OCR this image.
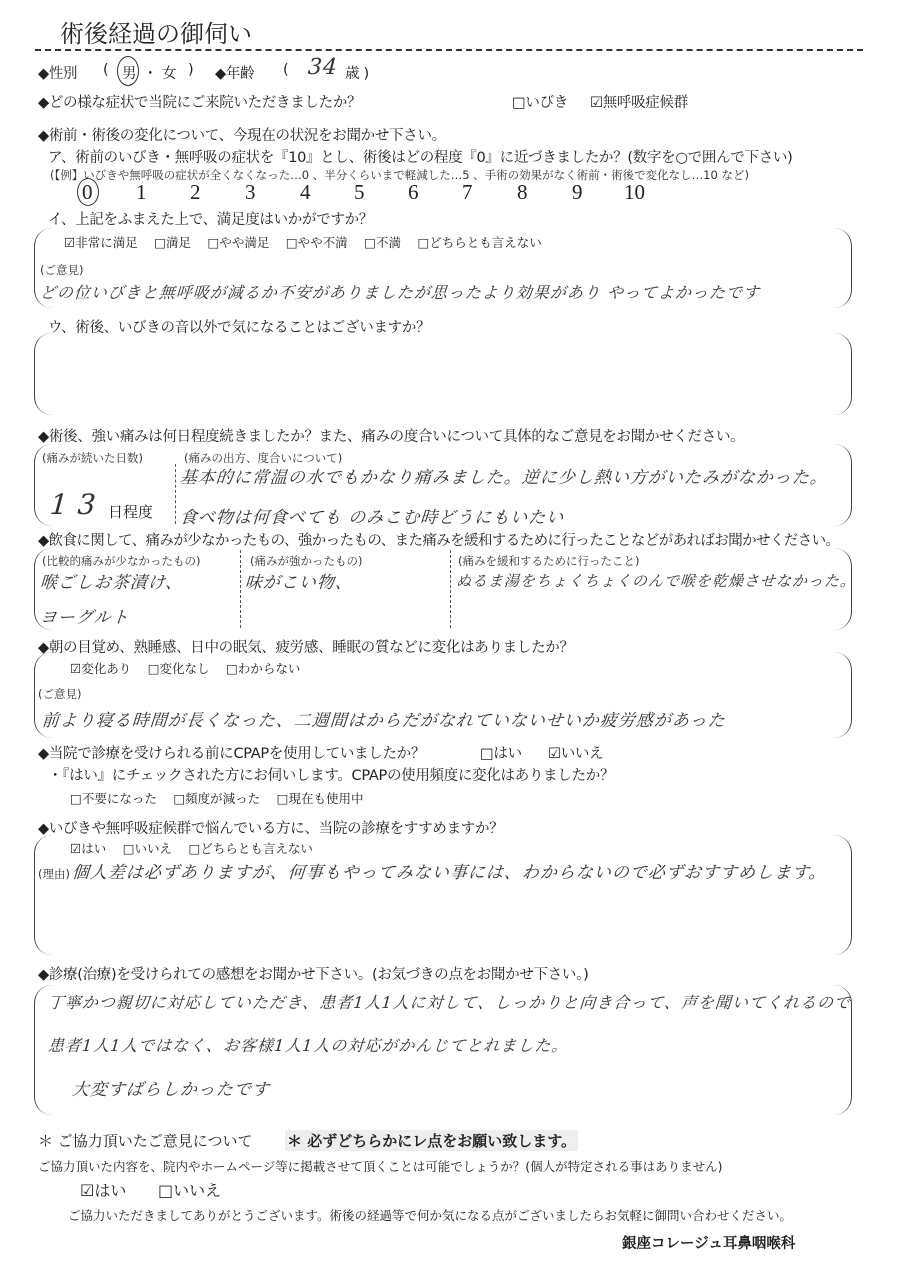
術後経過の御伺い
◆性別 ( 男 ・ 女 ) ◆年齢 ( 34 歳 )
◆どの様な症状で当院にご来院いただきましたか？	□いびき ☑無呼吸症候群
◆術前・術後の変化について、今現在の状況をお聞かせ下さい。
ア、術前のいびき・無呼吸の症状を『10』とし、術後はどの程度『0』に近づきましたか？(数字を○で囲んで下さい)
(【例】いびきや無呼吸の症状が全くなくなった…0 、半分くらいまで軽減した…5 、手術の効果がなく術前・術後で変化なし…10 など)
0 1 2 3 4 5 6 7 8 9 10
イ、上記をふまえた上で、満足度はいかがですか？
☑非常に満足　 □満足　 □やや満足　 □やや不満　 □不満　 □どちらとも言えない
(ご意見)
どの位いびきと無呼吸が減るか不安がありましたが思ったより効果があり やってよかったです
ウ、術後、いびきの音以外で気になることはございますか？
◆術後、強い痛みは何日程度続きましたか？また、痛みの度合いについて具体的なご意見をお聞かせください。
(痛みが続いた日数)
13 日程度
(痛みの出方、度合いについて)
基本的に常温の水でもかなり痛みました。逆に少し熱い方がいたみがなかった。
食べ物は何食べても のみこむ時どうにもいたい
◆飲食に関して、痛みが少なかったもの、強かったもの、また痛みを緩和するために行ったことなどがあればお聞かせください。
(比較的痛みが少なかったもの)
喉ごしお茶漬け、
ヨーグルト
(痛みが強かったもの)
味がこい物、
(痛みを緩和するために行ったこと)
ぬるま湯をちょくちょくのんで喉を乾燥させなかった。
◆朝の目覚め、熟睡感、日中の眠気、疲労感、睡眠の質などに変化はありましたか？
☑変化あり　 □変化なし　 □わからない
(ご意見)
前より寝る時間が長くなった、二週間はからだがなれていないせいか疲労感があった
◆当院で診療を受けられる前にCPAPを使用していましたか？	□はい ☑いいえ
・『はい』にチェックされた方にお伺いします。CPAPの使用頻度に変化はありましたか？
□不要になった　 □頻度が減った　 □現在も使用中
◆いびきや無呼吸症候群で悩んでいる方に、当院の診療をすすめますか？
☑はい　 □いいえ　 □どちらとも言えない
(理由) 個人差は必ずありますが、何事もやってみない事には、わからないので必ずおすすめします。
◆診療(治療)を受けられての感想をお聞かせ下さい。(お気づきの点をお聞かせ下さい。)
丁寧かつ親切に対応していただき、患者1人1人に対して、しっかりと向き合って、声を聞いてくれるので
患者1人1人ではなく、お客様1人1人の対応がかんじてとれました。
大変すばらしかったです
＊ ご協力頂いたご意見について ＊ 必ずどちらかにレ点をお願い致します。
ご協力頂いた内容を、院内やホームページ等に掲載させて頂くことは可能でしょうか？(個人が特定される事はありません)
☑はい □いいえ
ご協力いただきましてありがとうございます。術後の経過等で何か気になる点がございましたらお気軽に御問い合わせください。
銀座コレージュ耳鼻咽喉科
